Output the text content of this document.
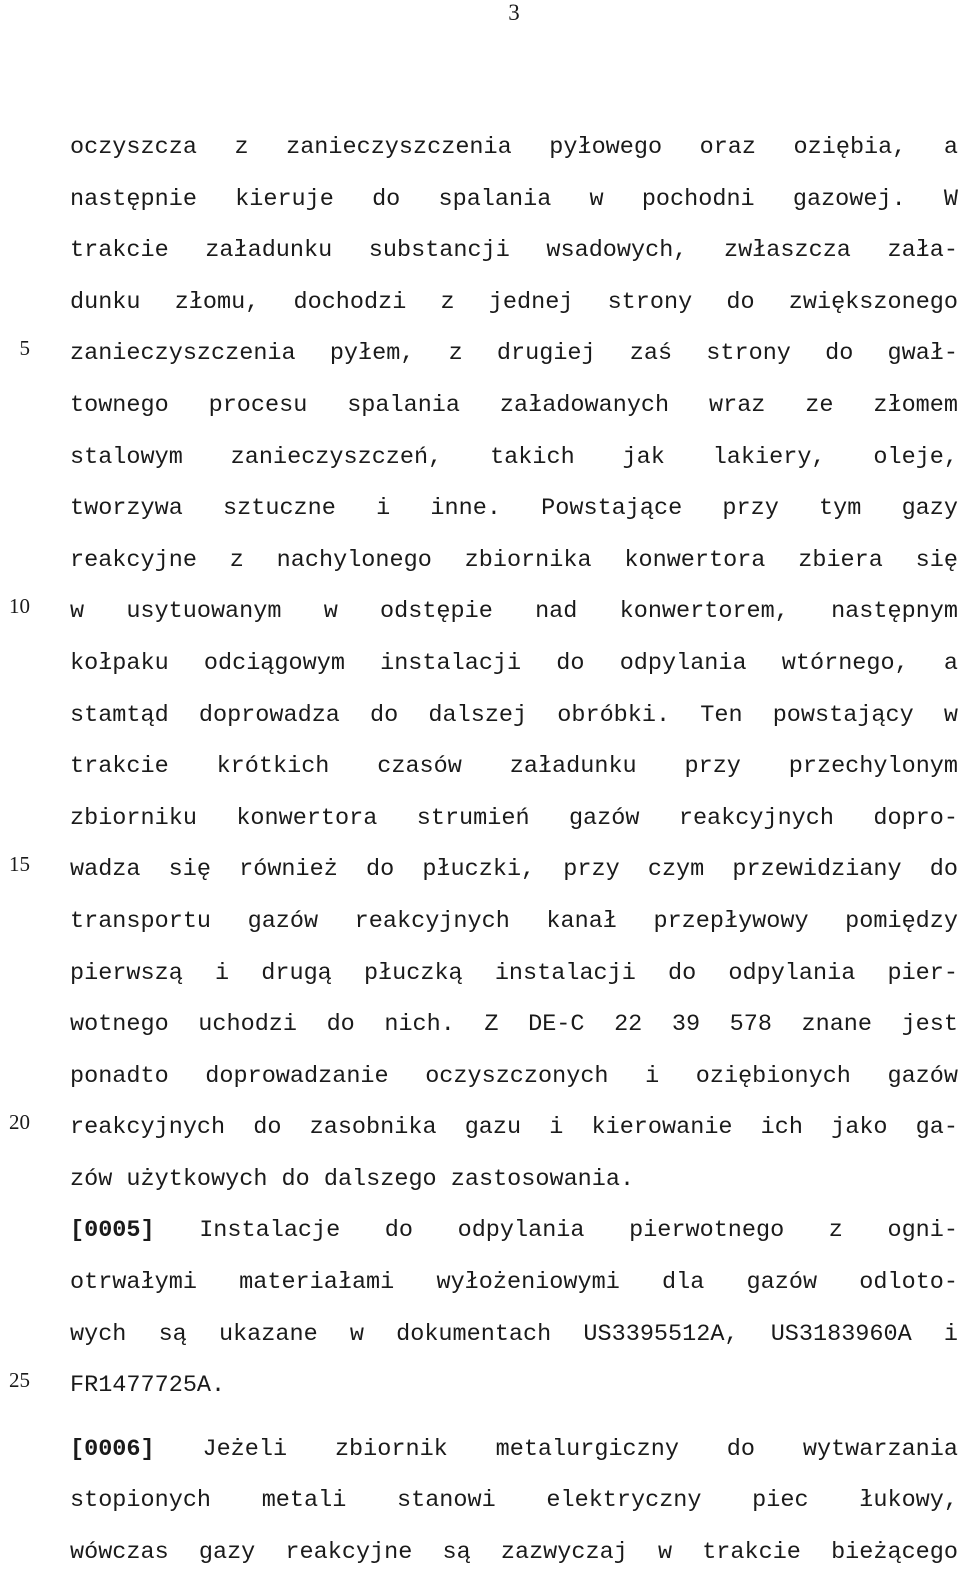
3
5
10
15
20
25
oczyszcza z zanieczyszczenia pyłowego oraz oziębia, a
następnie kieruje do spalania w pochodni gazowej. W
trakcie załadunku substancji wsadowych, zwłaszcza zała-
dunku złomu, dochodzi z jednej strony do zwiększonego
zanieczyszczenia pyłem, z drugiej zaś strony do gwał-
townego procesu spalania załadowanych wraz ze złomem
stalowym zanieczyszczeń, takich jak lakiery, oleje,
tworzywa sztuczne i inne. Powstające przy tym gazy
reakcyjne z nachylonego zbiornika konwertora zbiera się
w usytuowanym w odstępie nad konwertorem, następnym
kołpaku odciągowym instalacji do odpylania wtórnego, a
stamtąd doprowadza do dalszej obróbki. Ten powstający w
trakcie krótkich czasów załadunku przy przechylonym
zbiorniku konwertora strumień gazów reakcyjnych dopro-
wadza się również do płuczki, przy czym przewidziany do
transportu gazów reakcyjnych kanał przepływowy pomiędzy
pierwszą i drugą płuczką instalacji do odpylania pier-
wotnego uchodzi do nich. Z DE-C 22 39 578 znane jest
ponadto doprowadzanie oczyszczonych i oziębionych gazów
reakcyjnych do zasobnika gazu i kierowanie ich jako ga-
zów użytkowych do dalszego zastosowania.
[0005] Instalacje do odpylania pierwotnego z ogni-
otrwałymi materiałami wyłożeniowymi dla gazów odloto-
wych są ukazane w dokumentach US3395512A, US3183960A i
FR1477725A.
[0006] Jeżeli zbiornik metalurgiczny do wytwarzania
stopionych metali stanowi elektryczny piec łukowy,
wówczas gazy reakcyjne są zazwyczaj w trakcie bieżącego
